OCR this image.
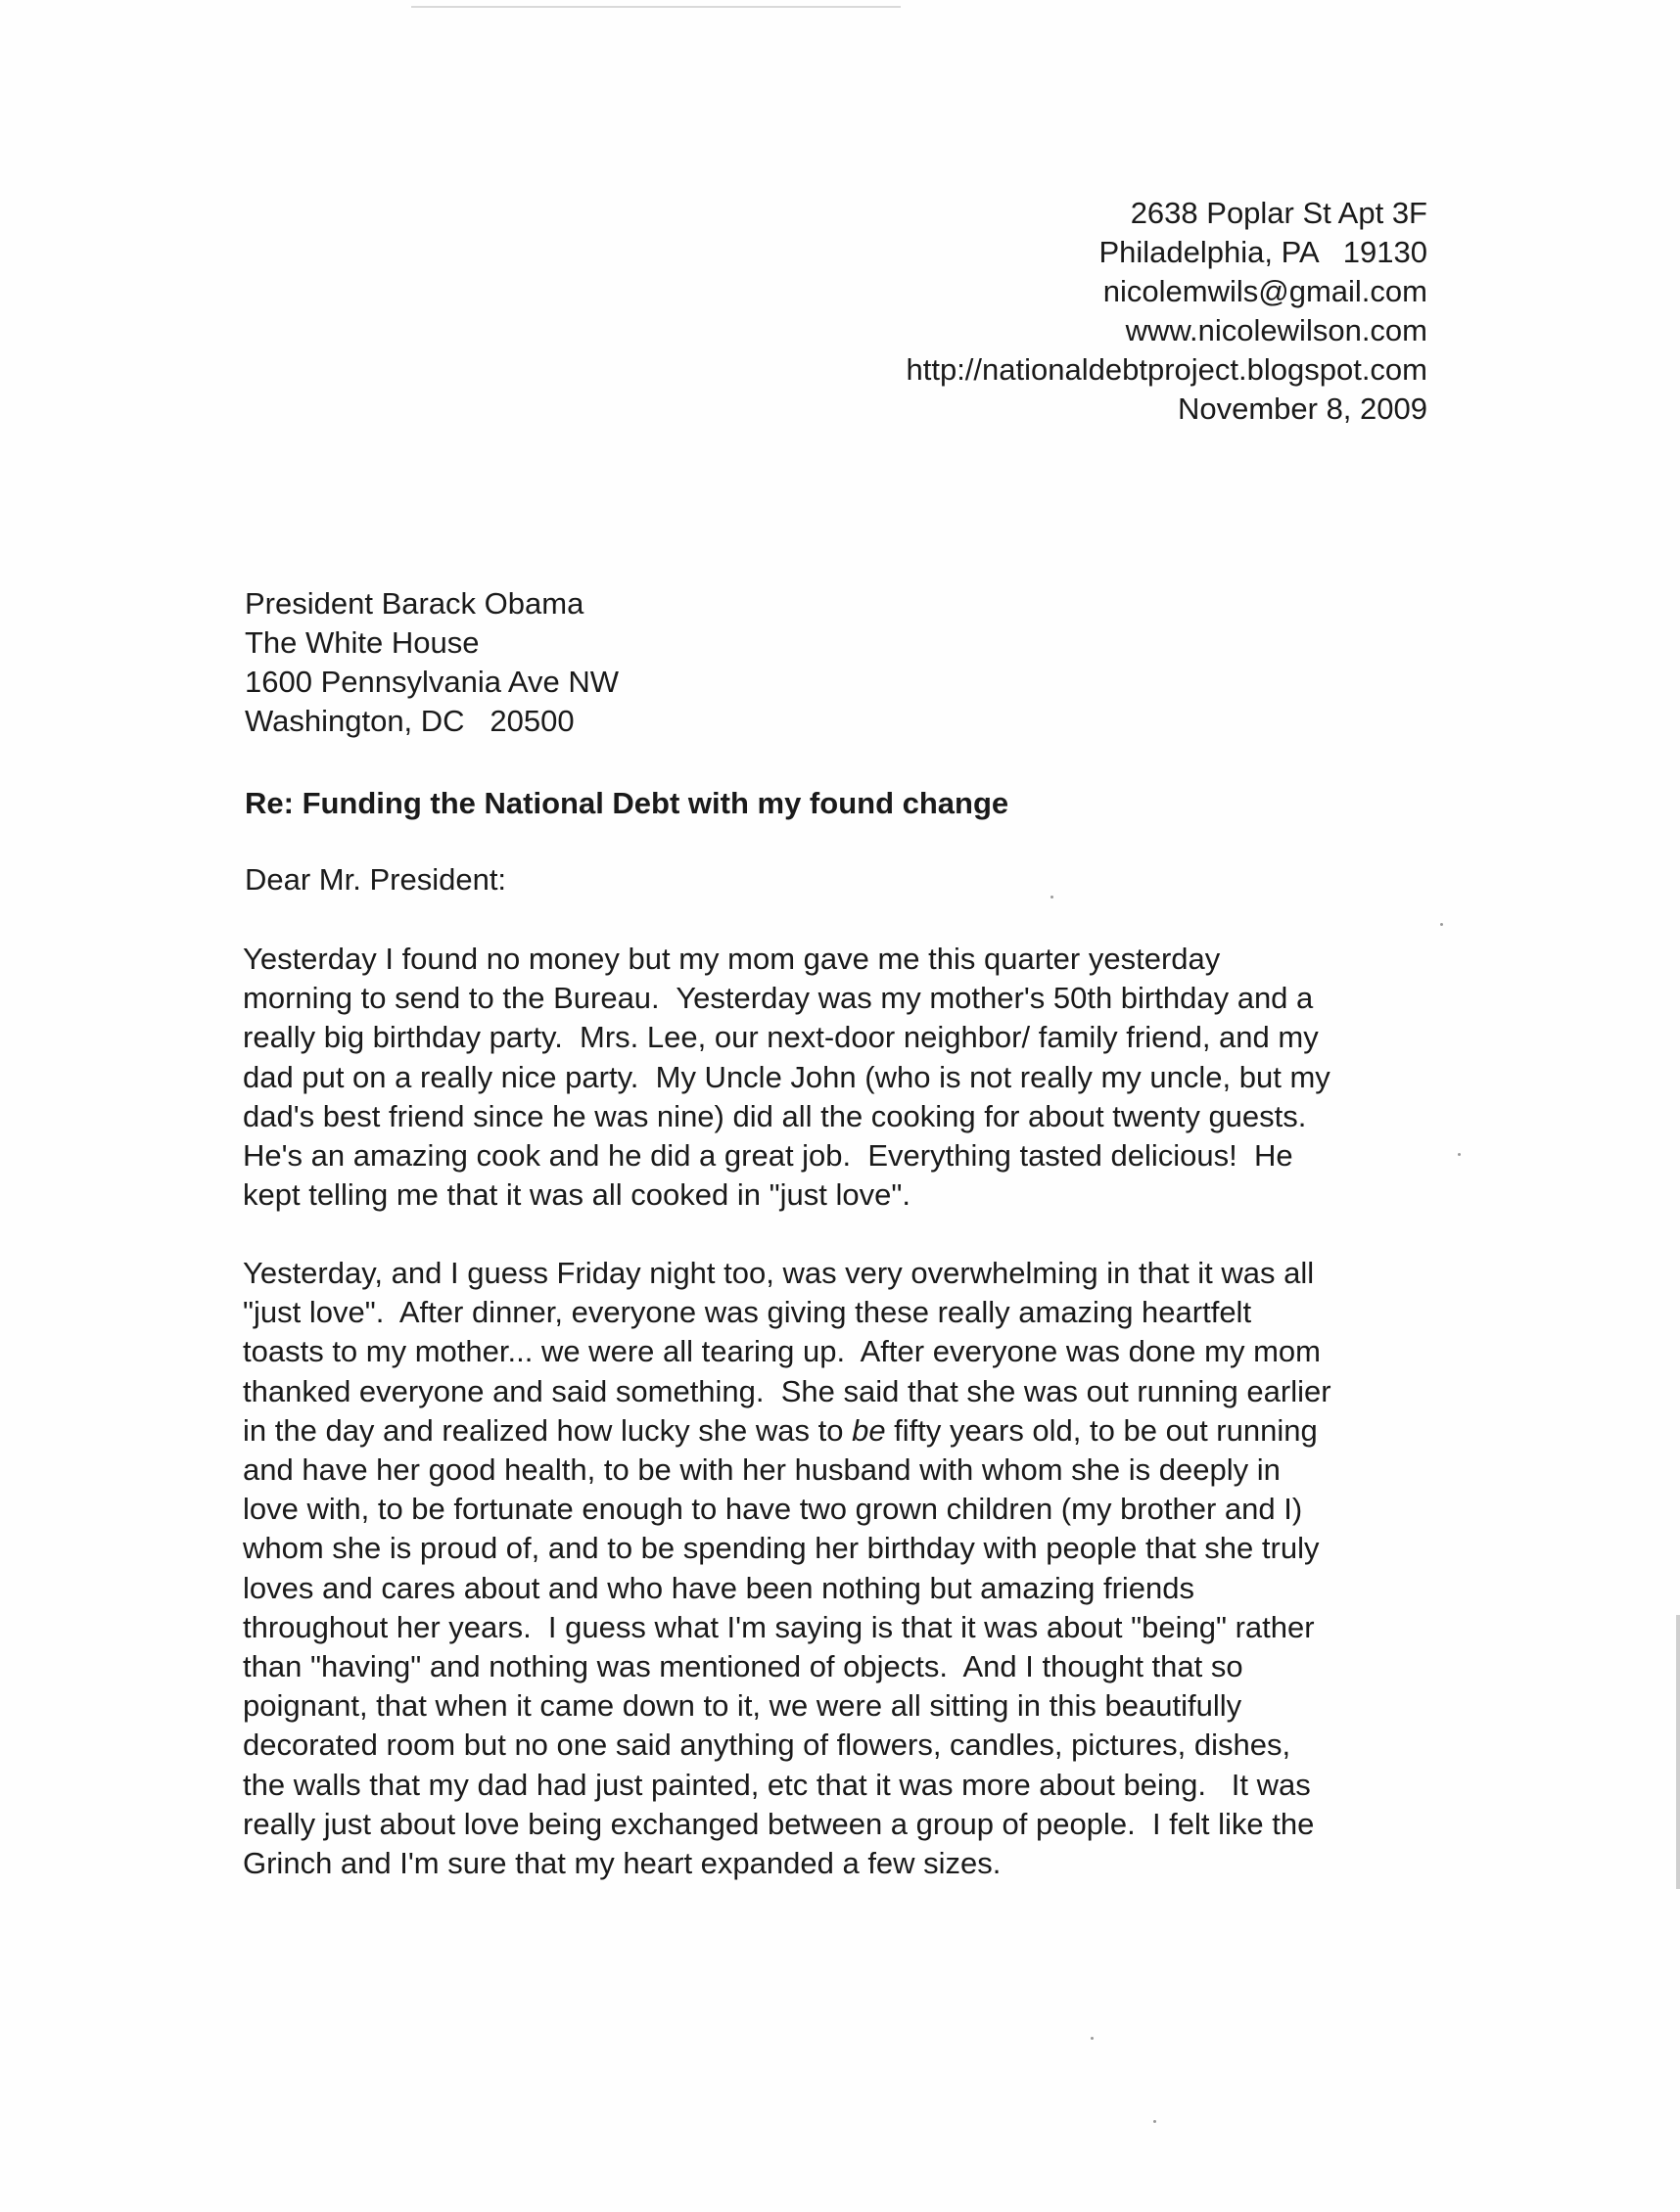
2638 Poplar St Apt 3F
Philadelphia, PA   19130
nicolemwils@gmail.com
www.nicolewilson.com
http://nationaldebtproject.blogspot.com
November 8, 2009
President Barack Obama
The White House
1600 Pennsylvania Ave NW
Washington, DC   20500
Re: Funding the National Debt with my found change
Dear Mr. President:
Yesterday I found no money but my mom gave me this quarter yesterday
morning to send to the Bureau.  Yesterday was my mother's 50th birthday and a
really big birthday party.  Mrs. Lee, our next-door neighbor/ family friend, and my
dad put on a really nice party.  My Uncle John (who is not really my uncle, but my
dad's best friend since he was nine) did all the cooking for about twenty guests.
He's an amazing cook and he did a great job.  Everything tasted delicious!  He
kept telling me that it was all cooked in "just love".
Yesterday, and I guess Friday night too, was very overwhelming in that it was all
"just love".  After dinner, everyone was giving these really amazing heartfelt
toasts to my mother... we were all tearing up.  After everyone was done my mom
thanked everyone and said something.  She said that she was out running earlier
in the day and realized how lucky she was to be fifty years old, to be out running
and have her good health, to be with her husband with whom she is deeply in
love with, to be fortunate enough to have two grown children (my brother and I)
whom she is proud of, and to be spending her birthday with people that she truly
loves and cares about and who have been nothing but amazing friends
throughout her years.  I guess what I'm saying is that it was about "being" rather
than "having" and nothing was mentioned of objects.  And I thought that so
poignant, that when it came down to it, we were all sitting in this beautifully
decorated room but no one said anything of flowers, candles, pictures, dishes,
the walls that my dad had just painted, etc that it was more about being.   It was
really just about love being exchanged between a group of people.  I felt like the
Grinch and I'm sure that my heart expanded a few sizes.
